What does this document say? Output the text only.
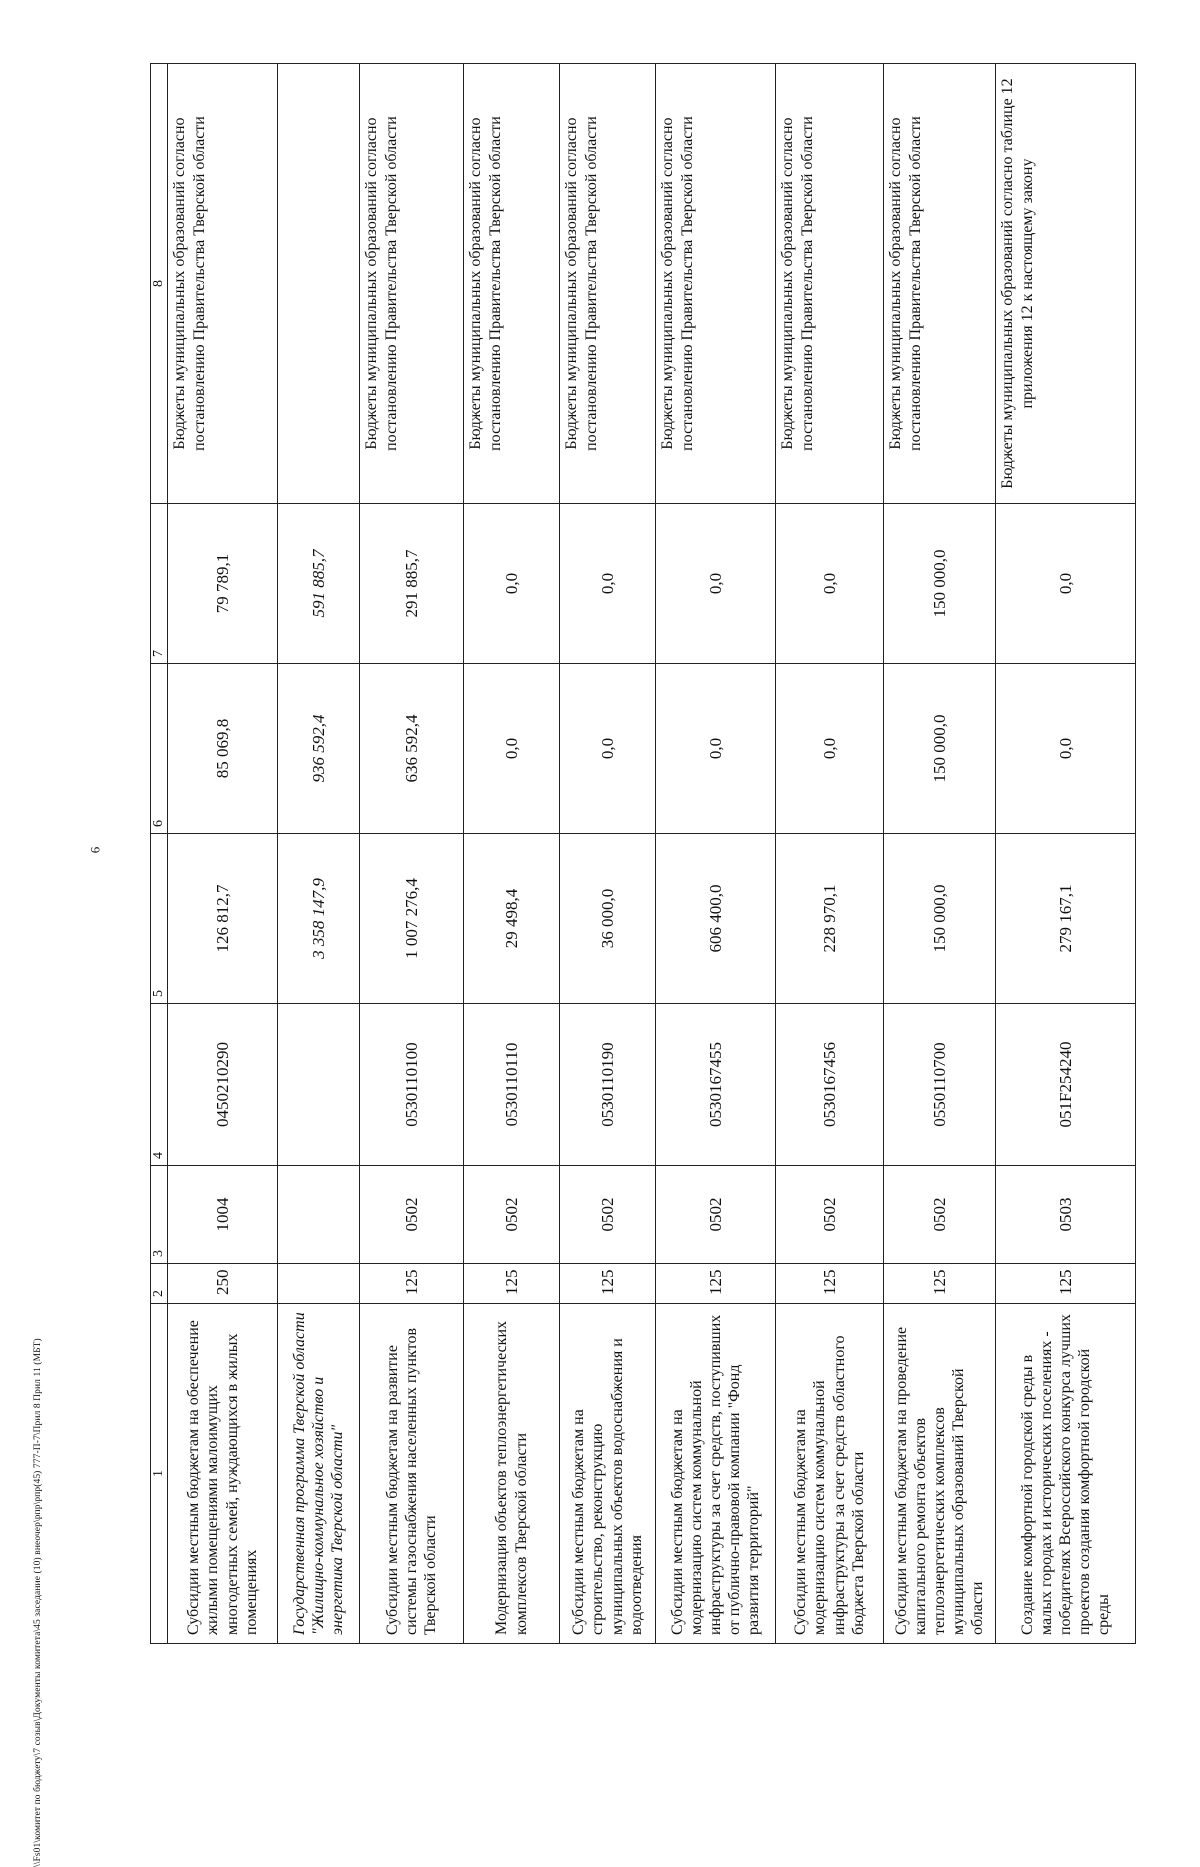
6
1	2	3	4	5	6	7	8
Субсидии местным бюджетам на обеспечение жилыми помещениями малоимущих многодетных семей, нуждающихся в жилых помещениях	250	1004	0450210290	126 812,7	85 069,8	79 789,1	Бюджеты муниципальных образований согласно постановлению Правительства Тверской области
Государственная программа Тверской области "Жилищно-коммунальное хозяйство и энергетика Тверской области"				3 358 147,9	936 592,4	591 885,7	
Субсидии местным бюджетам на развитие системы газоснабжения населенных пунктов Тверской области	125	0502	0530110100	1 007 276,4	636 592,4	291 885,7	Бюджеты муниципальных образований согласно постановлению Правительства Тверской области
Модернизация объектов теплоэнергетических комплексов Тверской области	125	0502	0530110110	29 498,4	0,0	0,0	Бюджеты муниципальных образований согласно постановлению Правительства Тверской области
Субсидии местным бюджетам на строительство, реконструкцию муниципальных объектов водоснабжения и водоотведения	125	0502	0530110190	36 000,0	0,0	0,0	Бюджеты муниципальных образований согласно постановлению Правительства Тверской области
Субсидии местным бюджетам на модернизацию систем коммунальной инфраструктуры за счет средств, поступивших от публично-правовой компании "Фонд развития территорий"	125	0502	0530167455	606 400,0	0,0	0,0	Бюджеты муниципальных образований согласно постановлению Правительства Тверской области
Субсидии местным бюджетам на модернизацию систем коммунальной инфраструктуры за счет средств областного бюджета Тверской области	125	0502	0530167456	228 970,1	0,0	0,0	Бюджеты муниципальных образований согласно постановлению Правительства Тверской области
Субсидии местным бюджетам на проведение капитального ремонта объектов теплоэнергетических комплексов муниципальных образований Тверской области	125	0502	0550110700	150 000,0	150 000,0	150 000,0	Бюджеты муниципальных образований согласно постановлению Правительства Тверской области
Создание комфортной городской среды в малых городах и исторических поселениях - победителях Всероссийского конкурса лучших проектов создания комфортной городской среды	125	0503	051F254240	279 167,1	0,0	0,0	Бюджеты муниципальных образований согласно таблице 12 приложения 12 к настоящему закону
\\Fs01\комитет по бюджету\7 созыв\Документы комитета\45 заседание (10) внеочер\рпр\рпр(45) 777-П-7\Прил 8 Прил 11 (МБТ)
